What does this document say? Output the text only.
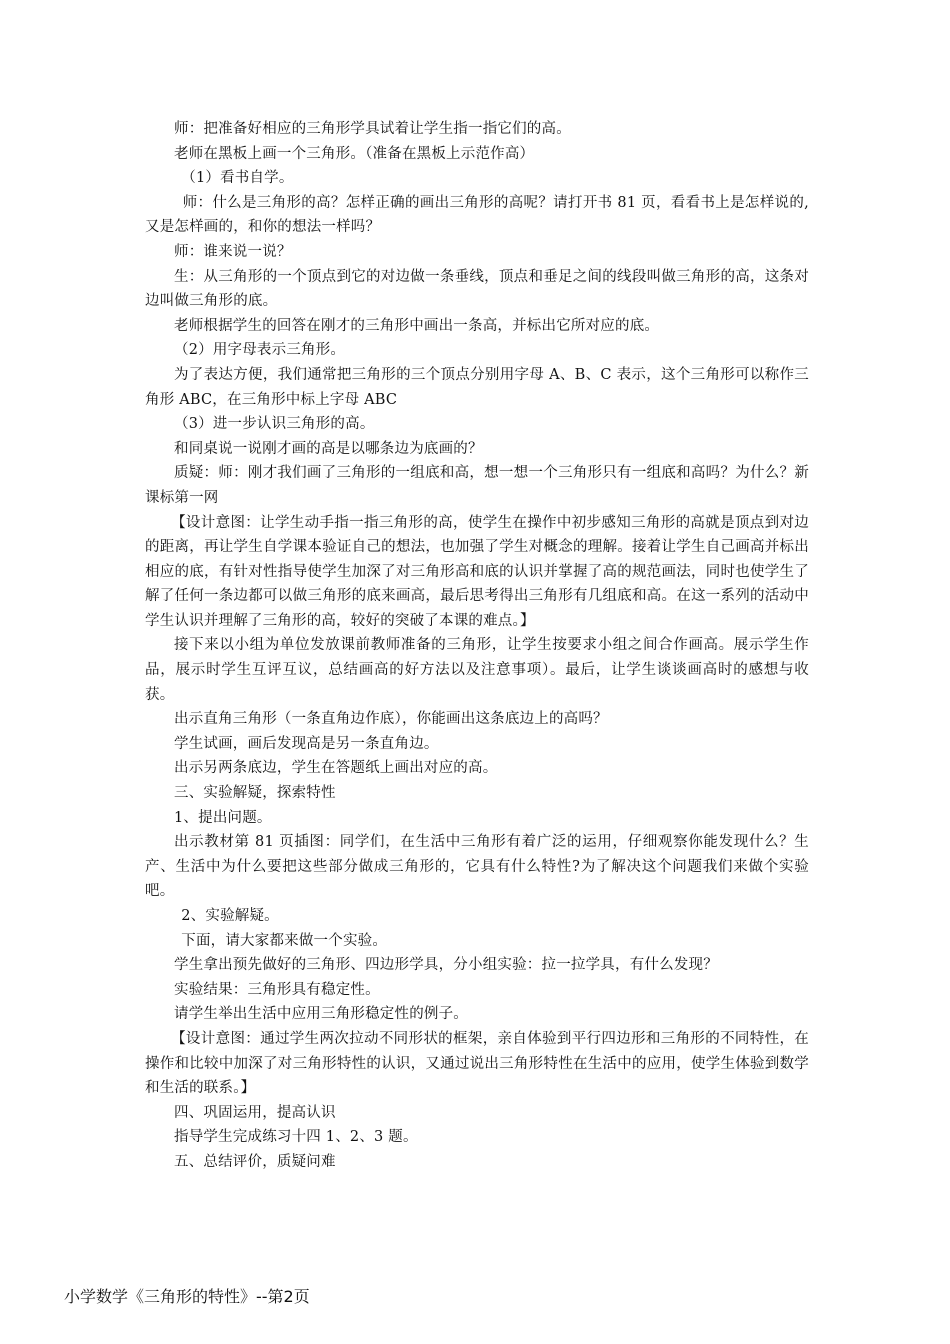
师：把准备好相应的三角形学具试着让学生指一指它们的高。

老师在黑板上画一个三角形。（准备在黑板上示范作高）

（1）看书自学。

师：什么是三角形的高？怎样正确的画出三角形的高呢？请打开书 81 页，看看书上是怎样说的,又是怎样画的，和你的想法一样吗？

师：谁来说一说？

生：从三角形的一个顶点到它的对边做一条垂线，顶点和垂足之间的线段叫做三角形的高，这条对边叫做三角形的底。

老师根据学生的回答在刚才的三角形中画出一条高，并标出它所对应的底。

（2）用字母表示三角形。

为了表达方便，我们通常把三角形的三个顶点分别用字母 A、B、C 表示，这个三角形可以称作三角形 ABC，在三角形中标上字母 ABC

（3）进一步认识三角形的高。

和同桌说一说刚才画的高是以哪条边为底画的？

质疑：师：刚才我们画了三角形的一组底和高，想一想一个三角形只有一组底和高吗？为什么？新课标第一网

【设计意图：让学生动手指一指三角形的高，使学生在操作中初步感知三角形的高就是顶点到对边的距离，再让学生自学课本验证自己的想法，也加强了学生对概念的理解。接着让学生自己画高并标出相应的底，有针对性指导使学生加深了对三角形高和底的认识并掌握了高的规范画法，同时也使学生了解了任何一条边都可以做三角形的底来画高，最后思考得出三角形有几组底和高。在这一系列的活动中学生认识并理解了三角形的高，较好的突破了本课的难点。】

接下来以小组为单位发放课前教师准备的三角形，让学生按要求小组之间合作画高。展示学生作品，展示时学生互评互议，总结画高的好方法以及注意事项）。最后，让学生谈谈画高时的感想与收获。

出示直角三角形（一条直角边作底），你能画出这条底边上的高吗？

学生试画，画后发现高是另一条直角边。

出示另两条底边，学生在答题纸上画出对应的高。

三、实验解疑，探索特性

1、提出问题。

出示教材第 81 页插图：同学们，在生活中三角形有着广泛的运用，仔细观察你能发现什么？生产、生活中为什么要把这些部分做成三角形的，它具有什么特性?为了解决这个问题我们来做个实验吧。

2、实验解疑。

下面，请大家都来做一个实验。

学生拿出预先做好的三角形、四边形学具，分小组实验：拉一拉学具，有什么发现？

实验结果：三角形具有稳定性。

请学生举出生活中应用三角形稳定性的例子。

【设计意图：通过学生两次拉动不同形状的框架，亲自体验到平行四边形和三角形的不同特性，在操作和比较中加深了对三角形特性的认识，又通过说出三角形特性在生活中的应用，使学生体验到数学和生活的联系。】

四、巩固运用，提高认识

指导学生完成练习十四 1、2、3 题。

五、总结评价，质疑问难

小学数学《三角形的特性》--第2页
